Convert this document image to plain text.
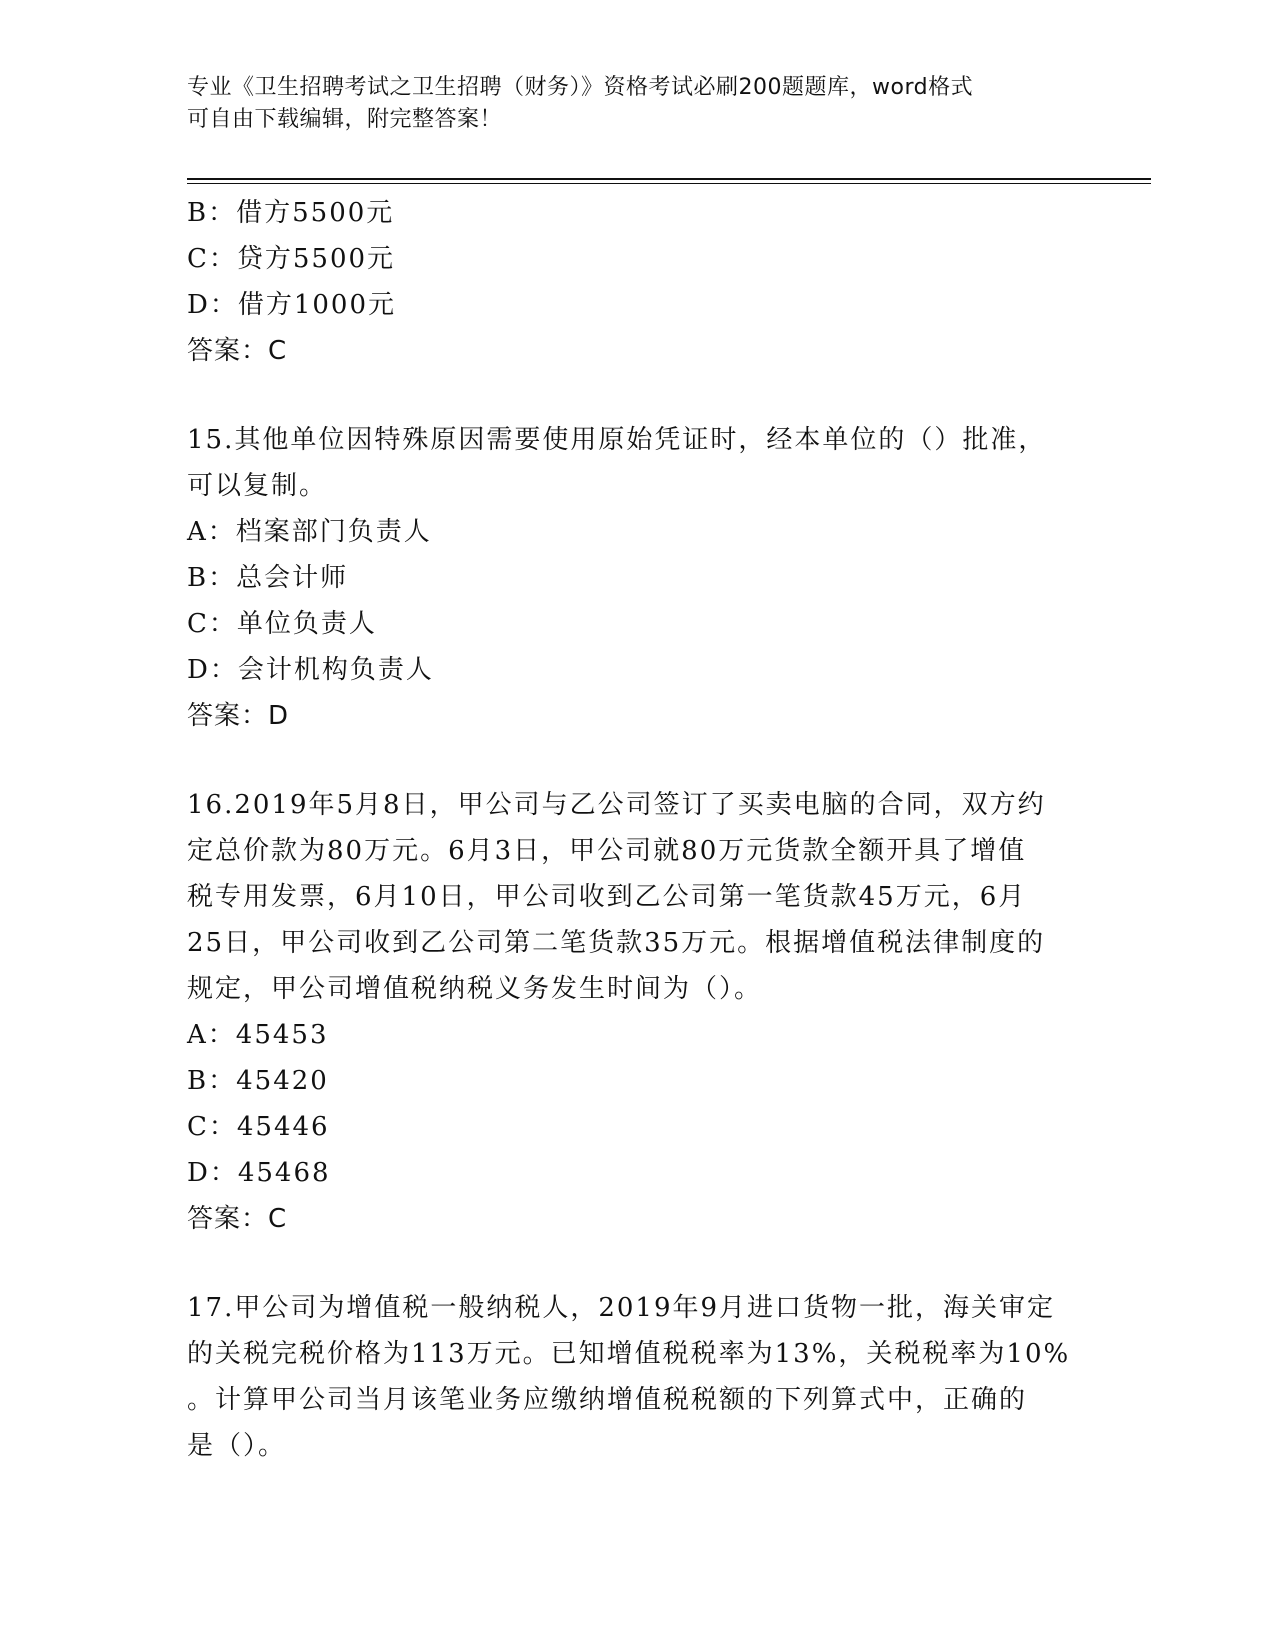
专业《卫生招聘考试之卫生招聘（财务）》资格考试必刷200题题库，word格式
可自由下载编辑，附完整答案！
B：借方5500元
C：贷方5500元
D：借方1000元
答案：C
15.其他单位因特殊原因需要使用原始凭证时，经本单位的（）批准，
可以复制。
A：档案部门负责人
B：总会计师
C：单位负责人
D：会计机构负责人
答案：D
16.2019年5月8日，甲公司与乙公司签订了买卖电脑的合同，双方约
定总价款为80万元。6月3日，甲公司就80万元货款全额开具了增值
税专用发票，6月10日，甲公司收到乙公司第一笔货款45万元，6月
25日，甲公司收到乙公司第二笔货款35万元。根据增值税法律制度的
规定，甲公司增值税纳税义务发生时间为（）。
A：45453
B：45420
C：45446
D：45468
答案：C
17.甲公司为增值税一般纳税人，2019年9月进口货物一批，海关审定
的关税完税价格为113万元。已知增值税税率为13%，关税税率为10%
。计算甲公司当月该笔业务应缴纳增值税税额的下列算式中，正确的
是（）。
